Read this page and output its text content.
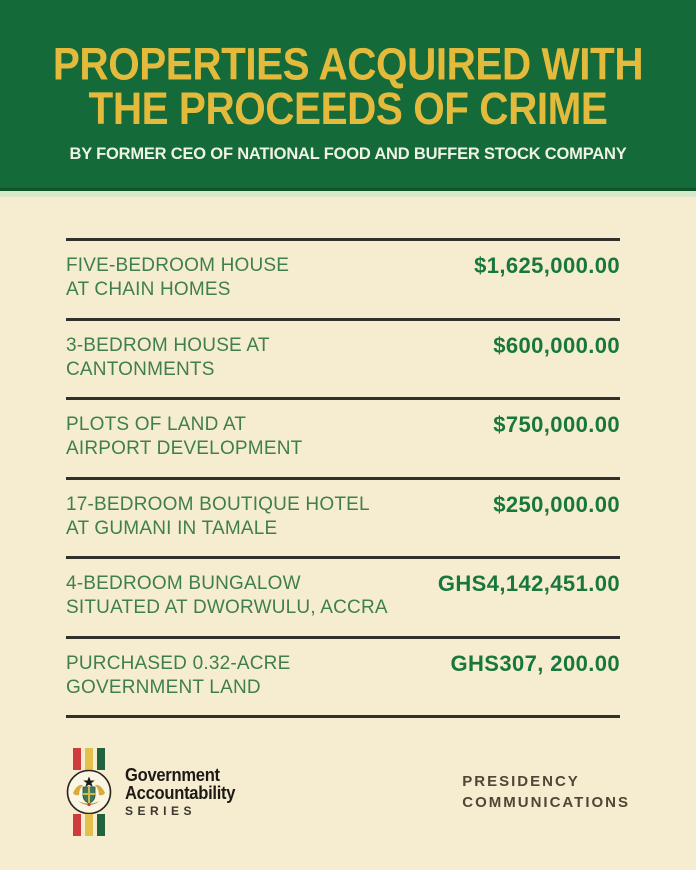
PROPERTIES ACQUIRED WITH
THE PROCEEDS OF CRIME
BY FORMER CEO OF NATIONAL FOOD AND BUFFER STOCK COMPANY
FIVE-BEDROOM HOUSE
AT CHAIN HOMES
$1,625,000.00
3-BEDROM HOUSE AT
CANTONMENTS
$600,000.00
PLOTS OF LAND AT
AIRPORT DEVELOPMENT
$750,000.00
17-BEDROOM BOUTIQUE HOTEL
AT GUMANI IN TAMALE
$250,000.00
4-BEDROOM BUNGALOW
SITUATED AT DWORWULU, ACCRA
GHS4,142,451.00
PURCHASED 0.32-ACRE
GOVERNMENT LAND
GHS307, 200.00
Government
Accountability
SERIES
PRESIDENCY
COMMUNICATIONS
